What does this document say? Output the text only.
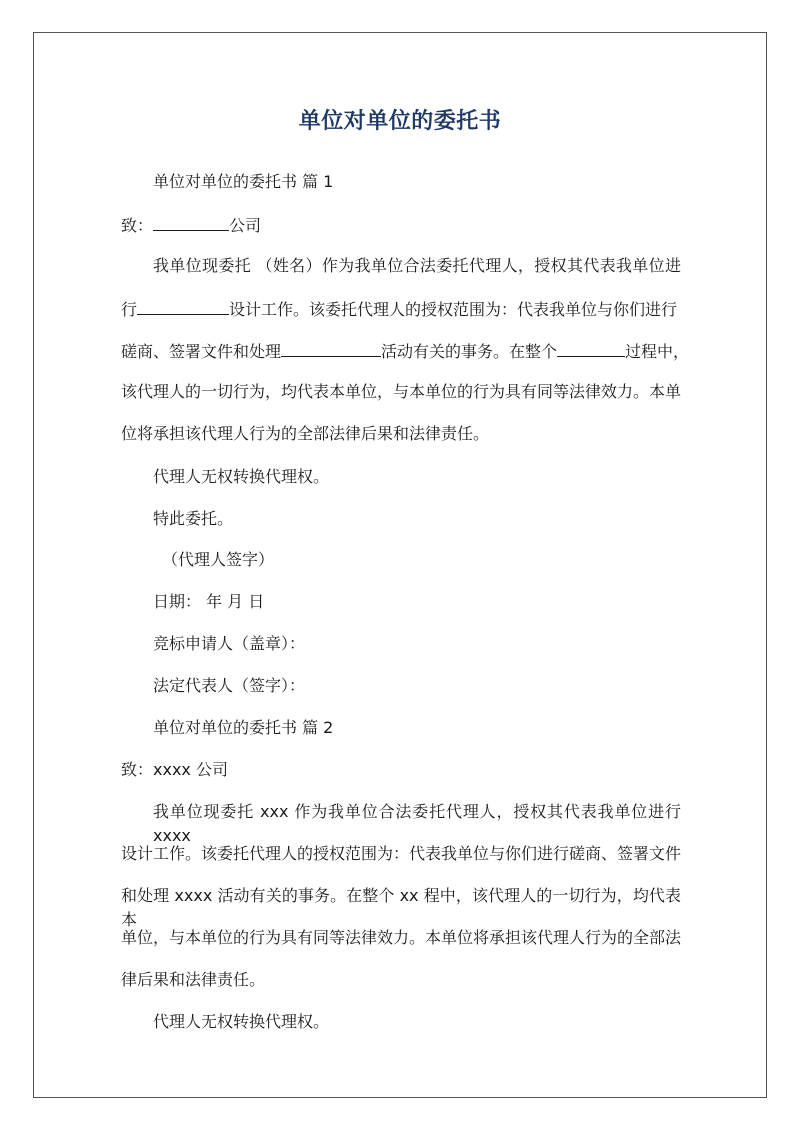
单位对单位的委托书
单位对单位的委托书 篇 1
致：	公司
我单位现委托 （姓名）作为我单位合法委托代理人，授权其代表我单位进
行	设计工作。该委托代理人的授权范围为：代表我单位与你们进行
磋商、签署文件和处理	活动有关的事务。在整个	过程中，
该代理人的一切行为，均代表本单位，与本单位的行为具有同等法律效力。本单
位将承担该代理人行为的全部法律后果和法律责任。
代理人无权转换代理权。
特此委托。
（代理人签字）
日期： 年 月 日
竞标申请人（盖章）：
法定代表人（签字）：
单位对单位的委托书 篇 2
致：xxxx 公司
我单位现委托 xxx 作为我单位合法委托代理人，授权其代表我单位进行 xxxx
设计工作。该委托代理人的授权范围为：代表我单位与你们进行磋商、签署文件
和处理 xxxx 活动有关的事务。在整个 xx 程中，该代理人的一切行为，均代表本
单位，与本单位的行为具有同等法律效力。本单位将承担该代理人行为的全部法
律后果和法律责任。
代理人无权转换代理权。
